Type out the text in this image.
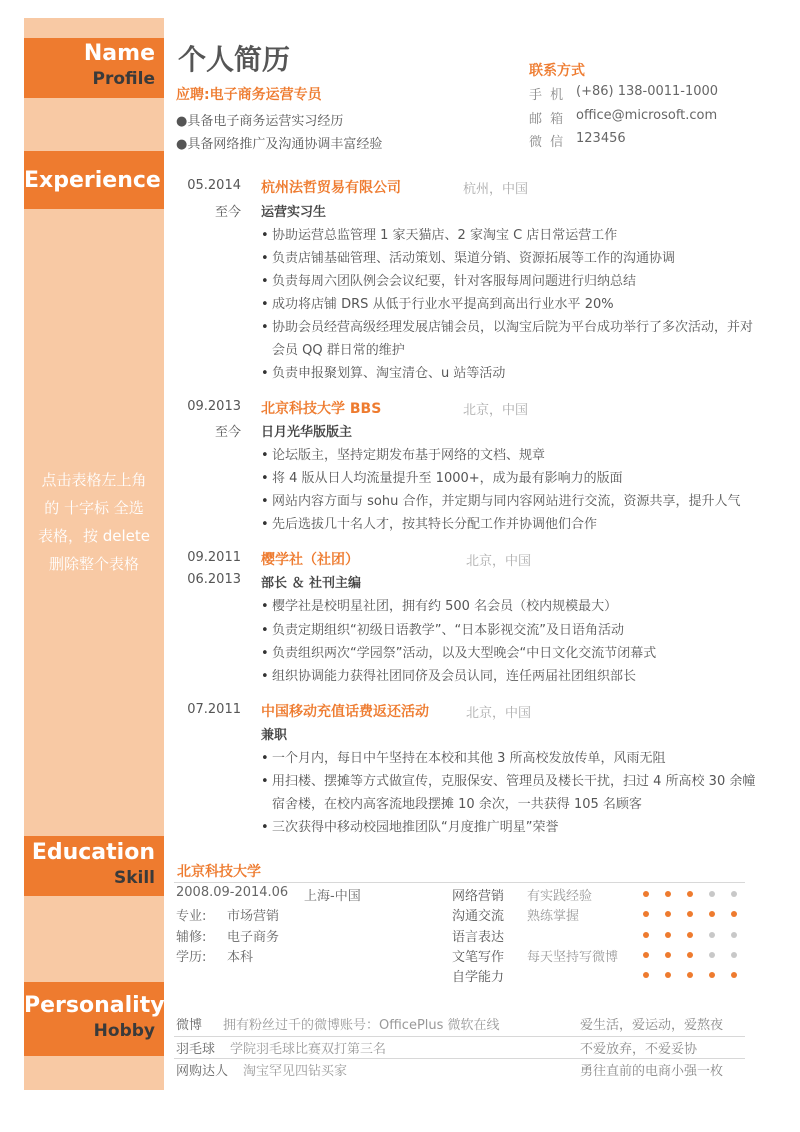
Name
Profile
Experience
Education
Skill
Personality
Hobby
点击表格左上角
的 十字标 全选
表格，按 delete
删除整个表格
个人简历
应聘:电子商务运营专员
●具备电子商务运营实习经历
●具备网络推广及沟通协调丰富经验
联系方式
手 机 (+86) 138-0011-1000
邮 箱 office@microsoft.com
微 信 123456
05.2014
至今
杭州法哲贸易有限公司	杭州，中国
运营实习生
• 协助运营总监管理 1 家天猫店、2 家淘宝 C 店日常运营工作
• 负责店铺基础管理、活动策划、渠道分销、资源拓展等工作的沟通协调
• 负责每周六团队例会会议纪要，针对客服每周问题进行归纳总结
• 成功将店铺 DRS 从低于行业水平提高到高出行业水平 20%
• 协助会员经营高级经理发展店铺会员，以淘宝后院为平台成功举行了多次活动，并对
会员 QQ 群日常的维护
• 负责申报聚划算、淘宝清仓、u 站等活动
09.2013
至今
北京科技大学 BBS	北京，中国
日月光华版版主
• 论坛版主，坚持定期发布基于网络的文档、规章
• 将 4 版从日人均流量提升至 1000+，成为最有影响力的版面
• 网站内容方面与 sohu 合作，并定期与同内容网站进行交流，资源共享，提升人气
• 先后选拔几十名人才，按其特长分配工作并协调他们合作
09.2011
06.2013
樱学社（社团）	北京，中国
部长 ＆ 社刊主编
• 樱学社是校明星社团，拥有约 500 名会员（校内规模最大）
• 负责定期组织“初级日语教学”、“日本影视交流”及日语角活动
• 负责组织两次“学园祭”活动，以及大型晚会“中日文化交流节闭幕式
• 组织协调能力获得社团同侪及会员认同，连任两届社团组织部长
07.2011 中国移动充值话费返还活动	北京，中国
兼职
• 一个月内，每日中午坚持在本校和其他 3 所高校发放传单，风雨无阻
• 用扫楼、摆摊等方式做宣传，克服保安、管理员及楼长干扰，扫过 4 所高校 30 余幢
宿舍楼，在校内高客流地段摆摊 10 余次，一共获得 105 名顾客
• 三次获得中移动校园地推团队“月度推广明星”荣誉
北京科技大学
2008.09-2014.06 上海-中国
专业: 市场营销
辅修: 电子商务
学历: 本科
网络营销 有实践经验
沟通交流 熟练掌握
语言表达
文笔写作 每天坚持写微博
自学能力
微博 拥有粉丝过千的微博账号：OfficePlus 微软在线	爱生活，爱运动，爱熬夜
羽毛球 学院羽毛球比赛双打第三名	不爱放弃，不爱妥协
网购达人 淘宝罕见四钻买家	勇往直前的电商小强一枚
